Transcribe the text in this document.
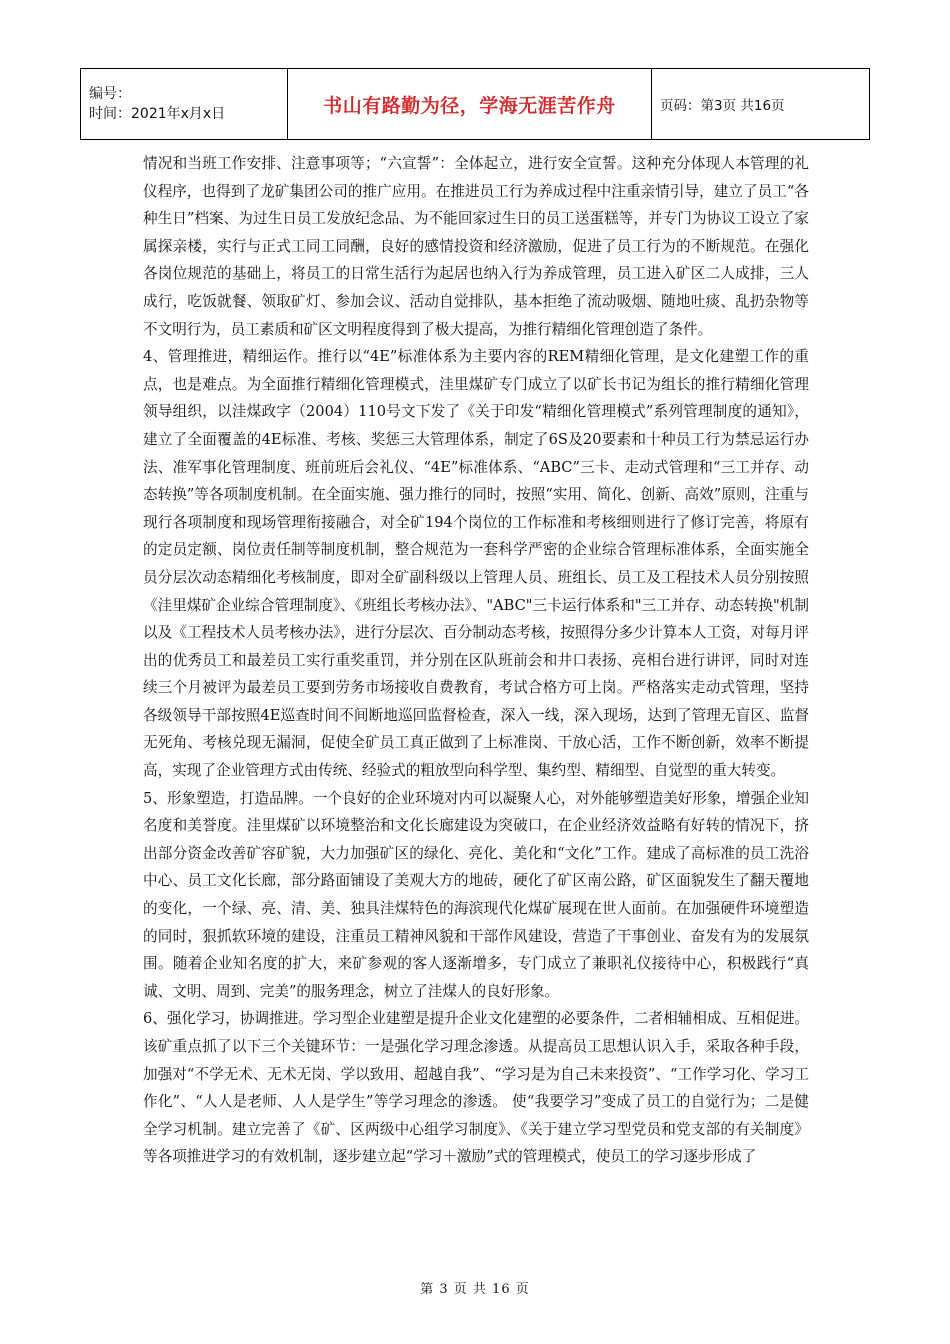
编号：
时间：2021年x月x日	书山有路勤为径，学海无涯苦作舟	页码：第3页 共16页

情况和当班工作安排、注意事项等；“六宣誓”：全体起立，进行安全宣誓。这种充分体现人本管理的礼仪程序，也得到了龙矿集团公司的推广应用。在推进员工行为养成过程中注重亲情引导，建立了员工“各种生日”档案、为过生日员工发放纪念品、为不能回家过生日的员工送蛋糕等，并专门为协议工设立了家属探亲楼，实行与正式工同工同酬，良好的感情投资和经济激励，促进了员工行为的不断规范。在强化各岗位规范的基础上，将员工的日常生活行为起居也纳入行为养成管理，员工进入矿区二人成排，三人成行，吃饭就餐、领取矿灯、参加会议、活动自觉排队，基本拒绝了流动吸烟、随地吐痰、乱扔杂物等不文明行为，员工素质和矿区文明程度得到了极大提高，为推行精细化管理创造了条件。

4、管理推进，精细运作。推行以“4E”标准体系为主要内容的REM精细化管理，是文化建塑工作的重点，也是难点。为全面推行精细化管理模式，洼里煤矿专门成立了以矿长书记为组长的推行精细化管理领导组织，以洼煤政字（2004）110号文下发了《关于印发“精细化管理模式”系列管理制度的通知》，建立了全面覆盖的4E标准、考核、奖惩三大管理体系，制定了6S及20要素和十种员工行为禁忌运行办法、准军事化管理制度、班前班后会礼仪、“4E”标准体系、“ABC”三卡、走动式管理和“三工并存、动态转换”等各项制度机制。在全面实施、强力推行的同时，按照“实用、简化、创新、高效”原则，注重与现行各项制度和现场管理衔接融合，对全矿194个岗位的工作标准和考核细则进行了修订完善，将原有的定员定额、岗位责任制等制度机制，整合规范为一套科学严密的企业综合管理标准体系，全面实施全员分层次动态精细化考核制度，即对全矿副科级以上管理人员、班组长、员工及工程技术人员分别按照《洼里煤矿企业综合管理制度》、《班组长考核办法》、"ABC"三卡运行体系和"三工并存、动态转换"机制以及《工程技术人员考核办法》，进行分层次、百分制动态考核，按照得分多少计算本人工资，对每月评出的优秀员工和最差员工实行重奖重罚，并分别在区队班前会和井口表扬、亮相台进行讲评，同时对连续三个月被评为最差员工要到劳务市场接收自费教育，考试合格方可上岗。严格落实走动式管理，坚持各级领导干部按照4E巡查时间不间断地巡回监督检查，深入一线，深入现场，达到了管理无盲区、监督无死角、考核兑现无漏洞，促使全矿员工真正做到了上标准岗、干放心活，工作不断创新，效率不断提高，实现了企业管理方式由传统、经验式的粗放型向科学型、集约型、精细型、自觉型的重大转变。

5、形象塑造，打造品牌。一个良好的企业环境对内可以凝聚人心，对外能够塑造美好形象，增强企业知名度和美誉度。洼里煤矿以环境整治和文化长廊建设为突破口，在企业经济效益略有好转的情况下，挤出部分资金改善矿容矿貌，大力加强矿区的绿化、亮化、美化和“文化”工作。建成了高标准的员工洗浴中心、员工文化长廊，部分路面铺设了美观大方的地砖，硬化了矿区南公路，矿区面貌发生了翻天覆地的变化，一个绿、亮、清、美、独具洼煤特色的海滨现代化煤矿展现在世人面前。在加强硬件环境塑造的同时，狠抓软环境的建设，注重员工精神风貌和干部作风建设，营造了干事创业、奋发有为的发展氛围。随着企业知名度的扩大，来矿参观的客人逐渐增多，专门成立了兼职礼仪接待中心，积极践行“真诚、文明、周到、完美”的服务理念，树立了洼煤人的良好形象。

6、强化学习，协调推进。学习型企业建塑是提升企业文化建塑的必要条件，二者相辅相成、互相促进。该矿重点抓了以下三个关键环节：一是强化学习理念渗透。从提高员工思想认识入手，采取各种手段，加强对“不学无术、无术无岗、学以致用、超越自我”、“学习是为自己未来投资”、“工作学习化、学习工作化”、“人人是老师、人人是学生”等学习理念的渗透。 使“我要学习”变成了员工的自觉行为；二是健全学习机制。建立完善了《矿、区两级中心组学习制度》、《关于建立学习型党员和党支部的有关制度》等各项推进学习的有效机制，逐步建立起“学习＋激励”式的管理模式，使员工的学习逐步形成了

第 3 页 共 16 页
